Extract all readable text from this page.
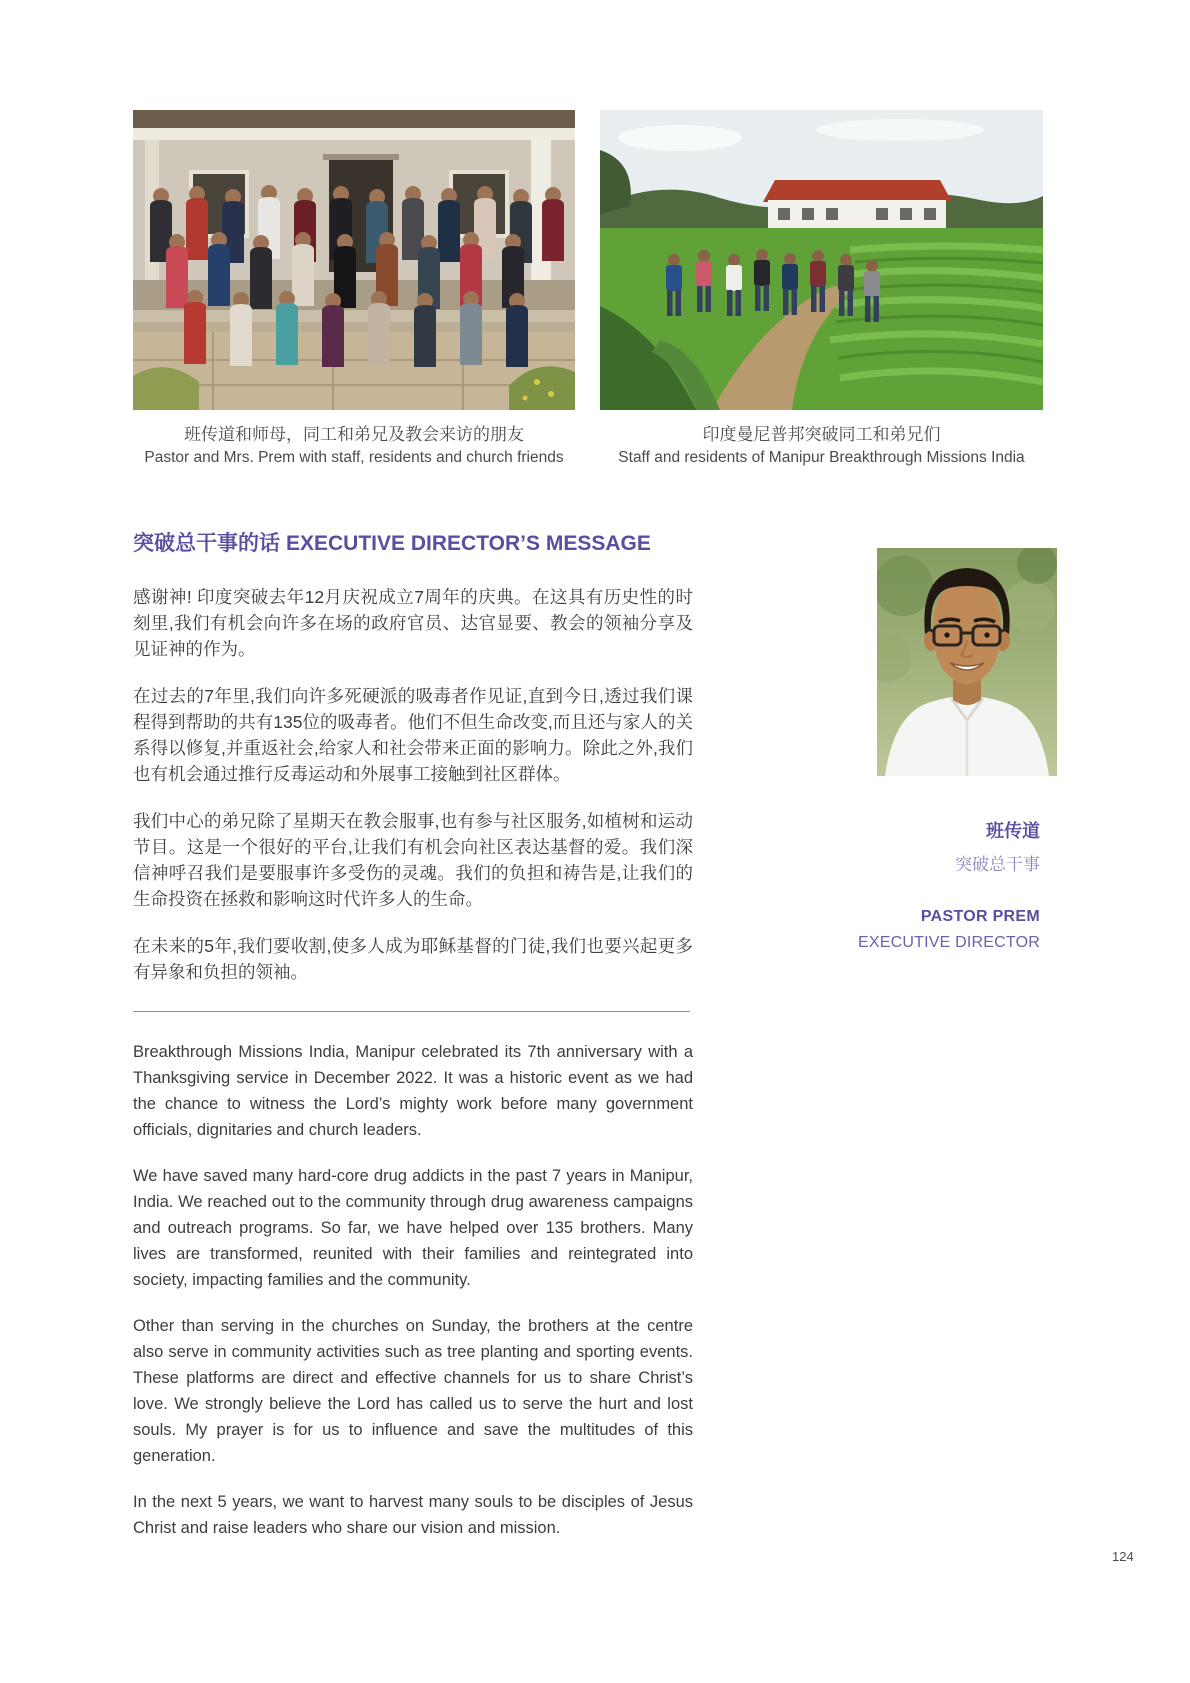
班传道和师母，同工和弟兄及教会来访的朋友
Pastor and Mrs. Prem with staff, residents and church friends
印度曼尼普邦突破同工和弟兄们
Staff and residents of Manipur Breakthrough Missions India
突破总干事的话 EXECUTIVE DIRECTOR’S MESSAGE

感谢神! 印度突破去年12月庆祝成立7周年的庆典。在这具有历史性的时刻里,我们有机会向许多在场的政府官员、达官显要、教会的领袖分享及见证神的作为。

在过去的7年里,我们向许多死硬派的吸毒者作见证,直到今日,透过我们课程得到帮助的共有135位的吸毒者。他们不但生命改变,而且还与家人的关系得以修复,并重返社会,给家人和社会带来正面的影响力。除此之外,我们也有机会通过推行反毒运动和外展事工接触到社区群体。

我们中心的弟兄除了星期天在教会服事,也有参与社区服务,如植树和运动节目。这是一个很好的平台,让我们有机会向社区表达基督的爱。我们深信神呼召我们是要服事许多受伤的灵魂。我们的负担和祷告是,让我们的生命投资在拯救和影响这时代许多人的生命。

在未来的5年,我们要收割,使多人成为耶稣基督的门徒,我们也要兴起更多有异象和负担的领袖。

Breakthrough Missions India, Manipur celebrated its 7th anniversary with a Thanksgiving service in December 2022. It was a historic event as we had the chance to witness the Lord’s mighty work before many government officials, dignitaries and church leaders.

We have saved many hard-core drug addicts in the past 7 years in Manipur, India. We reached out to the community through drug awareness campaigns and outreach programs. So far, we have helped over 135 brothers. Many lives are transformed, reunited with their families and reintegrated into society, impacting families and the community.

Other than serving in the churches on Sunday, the brothers at the centre also serve in community activities such as tree planting and sporting events. These platforms are direct and effective channels for us to share Christ’s love. We strongly believe the Lord has called us to serve the hurt and lost souls. My prayer is for us to influence and save the multitudes of this generation.

In the next 5 years, we want to harvest many souls to be disciples of Jesus Christ and raise leaders who share our vision and mission.

班传道
突破总干事
PASTOR PREM
EXECUTIVE DIRECTOR
124
